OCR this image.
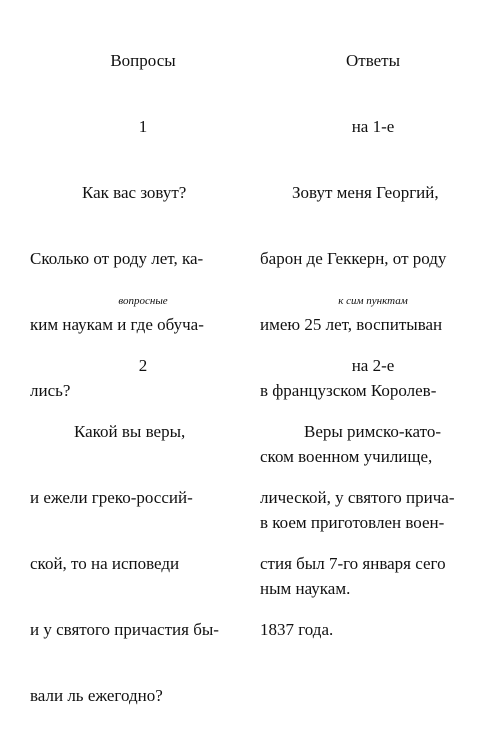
Вопросы

1

Как вас зовут?

Сколько от роду лет, ка-

ким наукам и где обуча-

лись?

Ответы

на 1-е

Зовут меня Георгий,

барон де Геккерн, от роду

имею 25 лет, воспитыван

в французском Королев-

ском военном училище,

в коем приготовлен воен-

ным наукам.

вопросные

2

Какой вы веры,

и ежели греко-россий-

ской, то на исповеди

и у святого причастия бы-

вали ль ежегодно?

к сим пунктам

на 2-е

Веры римско-като-

лической, у святого прича-

стия был 7-го января сего

1837 года.
